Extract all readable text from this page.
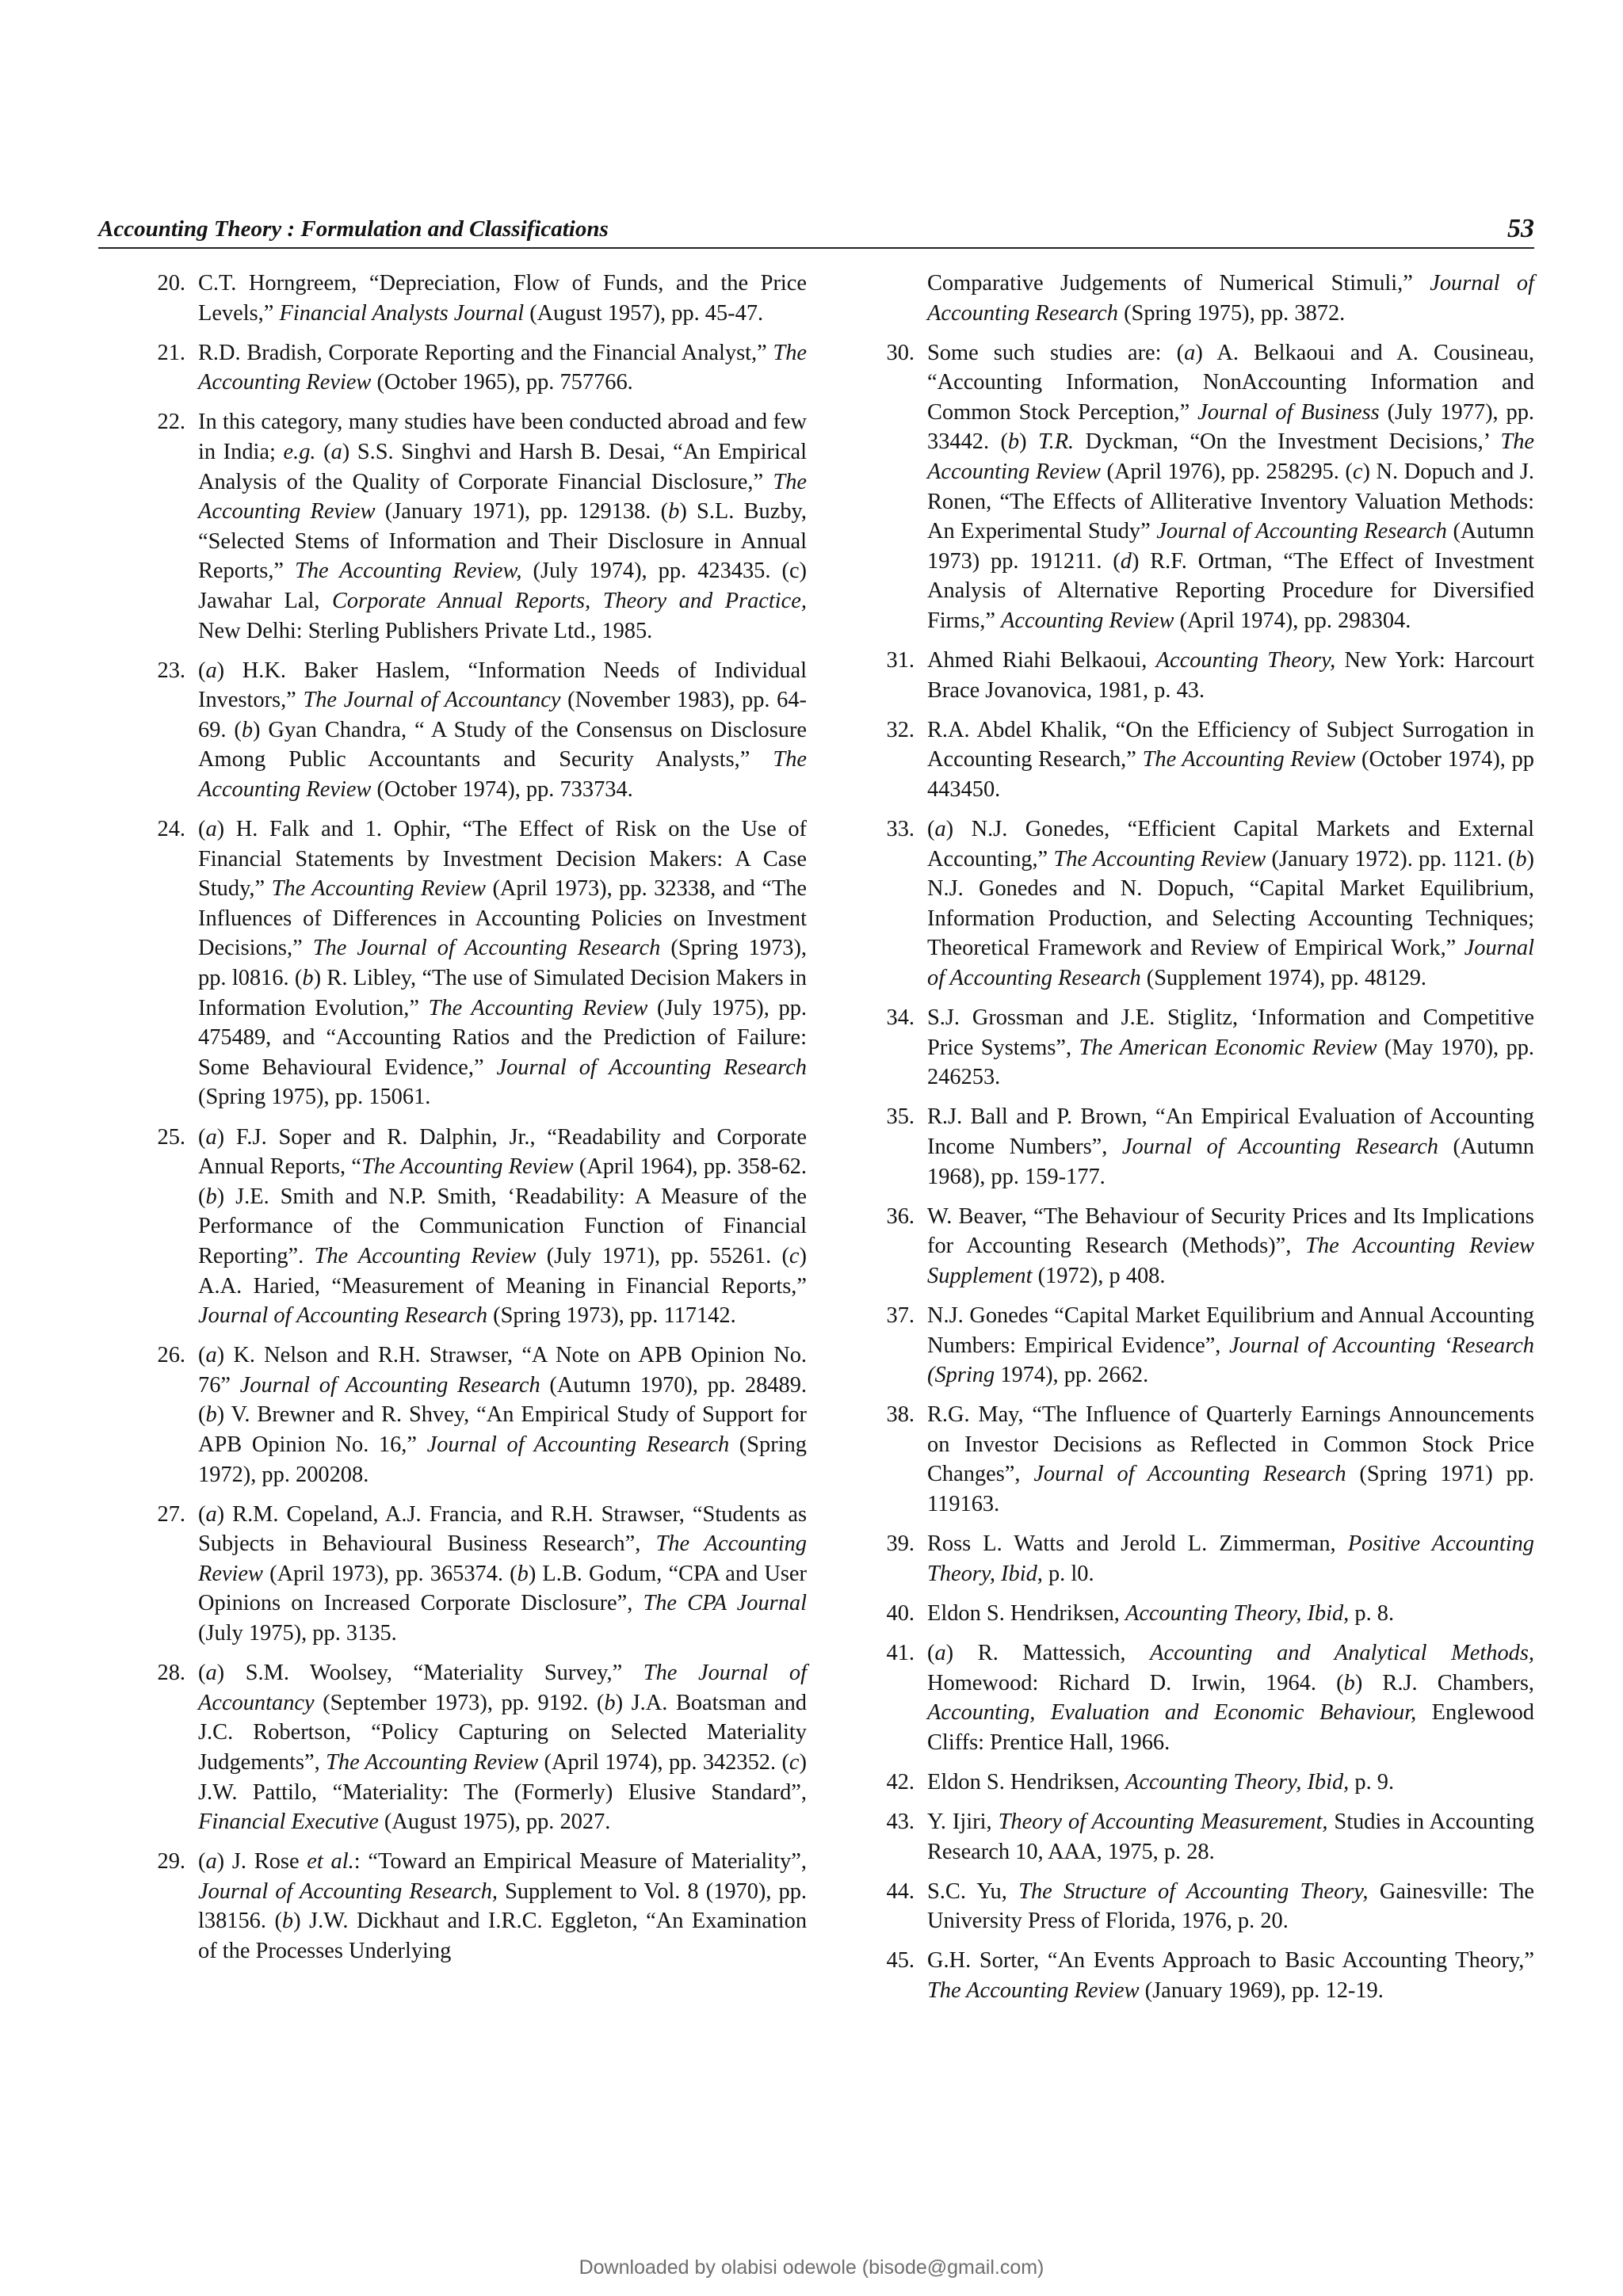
Accounting Theory : Formulation and Classifications	53
20. C.T. Horngreem, “Depreciation, Flow of Funds, and the Price Levels,” Financial Analysts Journal (August 1957), pp. 45-47.
21. R.D. Bradish, Corporate Reporting and the Financial Analyst,” The Accounting Review (October 1965), pp. 757766.
22. In this category, many studies have been conducted abroad and few in India; e.g. (a) S.S. Singhvi and Harsh B. Desai, “An Empirical Analysis of the Quality of Corporate Financial Disclosure,” The Accounting Review (January 1971), pp. 129138. (b) S.L. Buzby, “Selected Stems of Information and Their Disclosure in Annual Reports,” The Accounting Review, (July 1974), pp. 423435. (c) Jawahar Lal, Corporate Annual Reports, Theory and Practice, New Delhi: Sterling Publishers Private Ltd., 1985.
23. (a) H.K. Baker Haslem, “Information Needs of Individual Investors,” The Journal of Accountancy (November 1983), pp. 64-69. (b) Gyan Chandra, “ A Study of the Consensus on Disclosure Among Public Accountants and Security Analysts,” The Accounting Review (October 1974), pp. 733734.
24. (a) H. Falk and 1. Ophir, “The Effect of Risk on the Use of Financial Statements by Investment Decision Makers: A Case Study,” The Accounting Review (April 1973), pp. 32338, and “The Influences of Differences in Accounting Policies on Investment Decisions,” The Journal of Accounting Research (Spring 1973), pp. l0816. (b) R. Libley, “The use of Simulated Decision Makers in Information Evolution,” The Accounting Review (July 1975), pp. 475489, and “Accounting Ratios and the Prediction of Failure: Some Behavioural Evidence,” Journal of Accounting Research (Spring 1975), pp. 15061.
25. (a) F.J. Soper and R. Dalphin, Jr., “Readability and Corporate Annual Reports, “The Accounting Review (April 1964), pp. 358-62. (b) J.E. Smith and N.P. Smith, ‘Readability: A Measure of the Performance of the Communication Function of Financial Reporting”. The Accounting Review (July 1971), pp. 55261. (c) A.A. Haried, “Measurement of Meaning in Financial Reports,” Journal of Accounting Research (Spring 1973), pp. 117142.
26. (a) K. Nelson and R.H. Strawser, “A Note on APB Opinion No. 76” Journal of Accounting Research (Autumn 1970), pp. 28489. (b) V. Brewner and R. Shvey, “An Empirical Study of Support for APB Opinion No. 16,” Journal of Accounting Research (Spring 1972), pp. 200208.
27. (a) R.M. Copeland, A.J. Francia, and R.H. Strawser, “Students as Subjects in Behavioural Business Research”, The Accounting Review (April 1973), pp. 365374. (b) L.B. Godum, “CPA and User Opinions on Increased Corporate Disclosure”, The CPA Journal (July 1975), pp. 3135.
28. (a) S.M. Woolsey, “Materiality Survey,” The Journal of Accountancy (September 1973), pp. 9192. (b) J.A. Boatsman and J.C. Robertson, “Policy Capturing on Selected Materiality Judgements”, The Accounting Review (April 1974), pp. 342352. (c) J.W. Pattilo, “Materiality: The (Formerly) Elusive Standard”, Financial Executive (August 1975), pp. 2027.
29. (a) J. Rose et al.: “Toward an Empirical Measure of Materiality”, Journal of Accounting Research, Supplement to Vol. 8 (1970), pp. l38156. (b) J.W. Dickhaut and I.R.C. Eggleton, “An Examination of the Processes Underlying
Comparative Judgements of Numerical Stimuli,” Journal of Accounting Research (Spring 1975), pp. 3872.
30. Some such studies are: (a) A. Belkaoui and A. Cousineau, “Accounting Information, NonAccounting Information and Common Stock Perception,” Journal of Business (July 1977), pp. 33442. (b) T.R. Dyckman, “On the Investment Decisions,’ The Accounting Review (April 1976), pp. 258295. (c) N. Dopuch and J. Ronen, “The Effects of Alliterative Inventory Valuation Methods: An Experimental Study” Journal of Accounting Research (Autumn 1973) pp. 191211. (d) R.F. Ortman, “The Effect of Investment Analysis of Alternative Reporting Procedure for Diversified Firms,” Accounting Review (April 1974), pp. 298304.
31. Ahmed Riahi Belkaoui, Accounting Theory, New York: Harcourt Brace Jovanovica, 1981, p. 43.
32. R.A. Abdel Khalik, “On the Efficiency of Subject Surrogation in Accounting Research,” The Accounting Review (October 1974), pp 443450.
33. (a) N.J. Gonedes, “Efficient Capital Markets and External Accounting,” The Accounting Review (January 1972). pp. 1121. (b) N.J. Gonedes and N. Dopuch, “Capital Market Equilibrium, Information Production, and Selecting Accounting Techniques; Theoretical Framework and Review of Empirical Work,” Journal of Accounting Research (Supplement 1974), pp. 48129.
34. S.J. Grossman and J.E. Stiglitz, ‘Information and Competitive Price Systems”, The American Economic Review (May 1970), pp. 246253.
35. R.J. Ball and P. Brown, “An Empirical Evaluation of Accounting Income Numbers”, Journal of Accounting Research (Autumn 1968), pp. 159-177.
36. W. Beaver, “The Behaviour of Security Prices and Its Implications for Accounting Research (Methods)”, The Accounting Review Supplement (1972), p 408.
37. N.J. Gonedes “Capital Market Equilibrium and Annual Accounting Numbers: Empirical Evidence”, Journal of Accounting ‘Research (Spring 1974), pp. 2662.
38. R.G. May, “The Influence of Quarterly Earnings Announcements on Investor Decisions as Reflected in Common Stock Price Changes”, Journal of Accounting Research (Spring 1971) pp. 119163.
39. Ross L. Watts and Jerold L. Zimmerman, Positive Accounting Theory, Ibid, p. l0.
40. Eldon S. Hendriksen, Accounting Theory, Ibid, p. 8.
41. (a) R. Mattessich, Accounting and Analytical Methods, Homewood: Richard D. Irwin, 1964. (b) R.J. Chambers, Accounting, Evaluation and Economic Behaviour, Englewood Cliffs: Prentice Hall, 1966.
42. Eldon S. Hendriksen, Accounting Theory, Ibid, p. 9.
43. Y. Ijiri, Theory of Accounting Measurement, Studies in Accounting Research 10, AAA, 1975, p. 28.
44. S.C. Yu, The Structure of Accounting Theory, Gainesville: The University Press of Florida, 1976, p. 20.
45. G.H. Sorter, “An Events Approach to Basic Accounting Theory,” The Accounting Review (January 1969), pp. 12-19.
Downloaded by olabisi odewole (bisode@gmail.com)
